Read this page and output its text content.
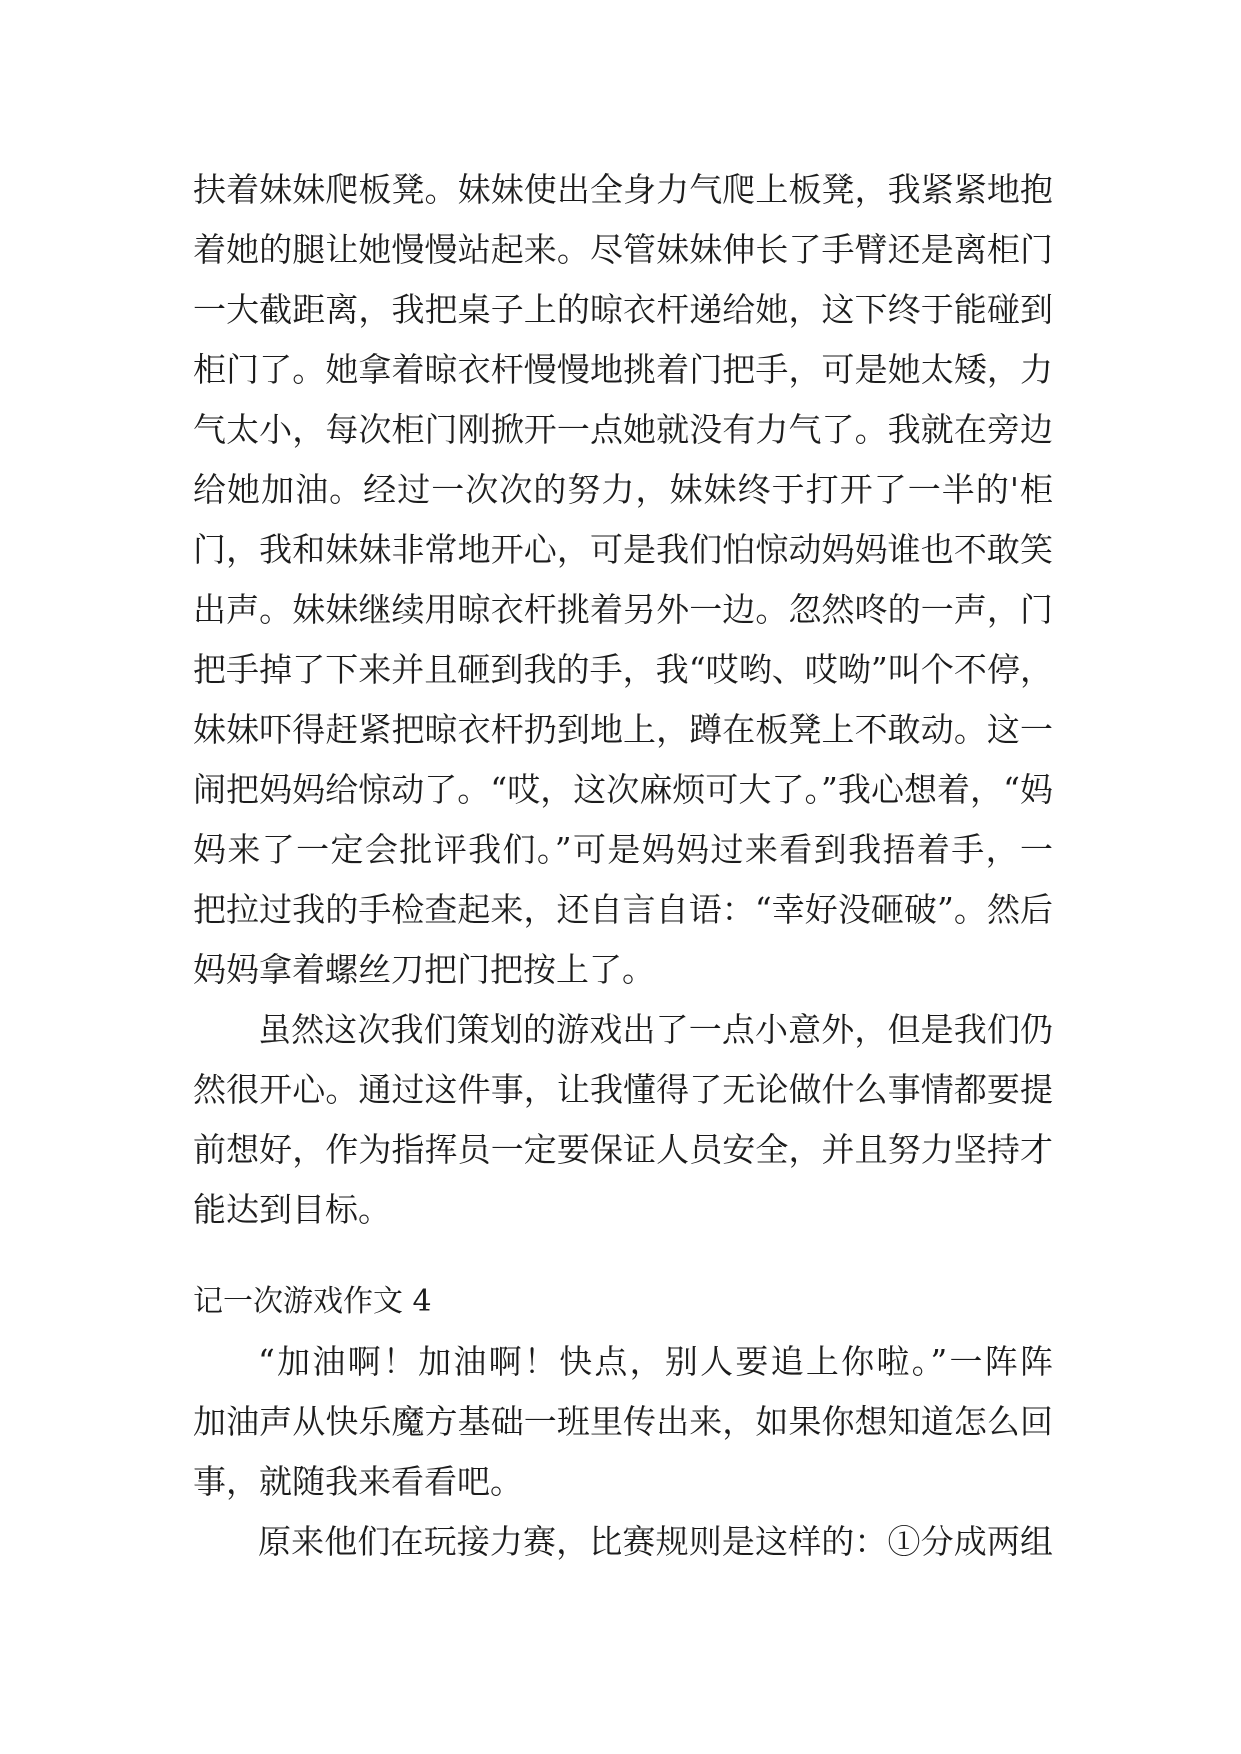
扶着妹妹爬板凳。妹妹使出全身力气爬上板凳，我紧紧地抱
着她的腿让她慢慢站起来。尽管妹妹伸长了手臂还是离柜门
一大截距离，我把桌子上的晾衣杆递给她，这下终于能碰到
柜门了。她拿着晾衣杆慢慢地挑着门把手，可是她太矮，力
气太小，每次柜门刚掀开一点她就没有力气了。我就在旁边
给她加油。经过一次次的努力，妹妹终于打开了一半的'柜
门，我和妹妹非常地开心，可是我们怕惊动妈妈谁也不敢笑
出声。妹妹继续用晾衣杆挑着另外一边。忽然咚的一声，门
把手掉了下来并且砸到我的手，我“哎哟、哎呦”叫个不停，
妹妹吓得赶紧把晾衣杆扔到地上，蹲在板凳上不敢动。这一
闹把妈妈给惊动了。“哎，这次麻烦可大了。”我心想着，“妈
妈来了一定会批评我们。”可是妈妈过来看到我捂着手，一
把拉过我的手检查起来，还自言自语：“幸好没砸破”。然后
妈妈拿着螺丝刀把门把按上了。
虽然这次我们策划的游戏出了一点小意外，但是我们仍
然很开心。通过这件事，让我懂得了无论做什么事情都要提
前想好，作为指挥员一定要保证人员安全，并且努力坚持才
能达到目标。
记一次游戏作文 4
“加油啊！加油啊！快点，别人要追上你啦。”一阵阵
加油声从快乐魔方基础一班里传出来，如果你想知道怎么回
事，就随我来看看吧。
原来他们在玩接力赛，比赛规则是这样的：①分成两组
